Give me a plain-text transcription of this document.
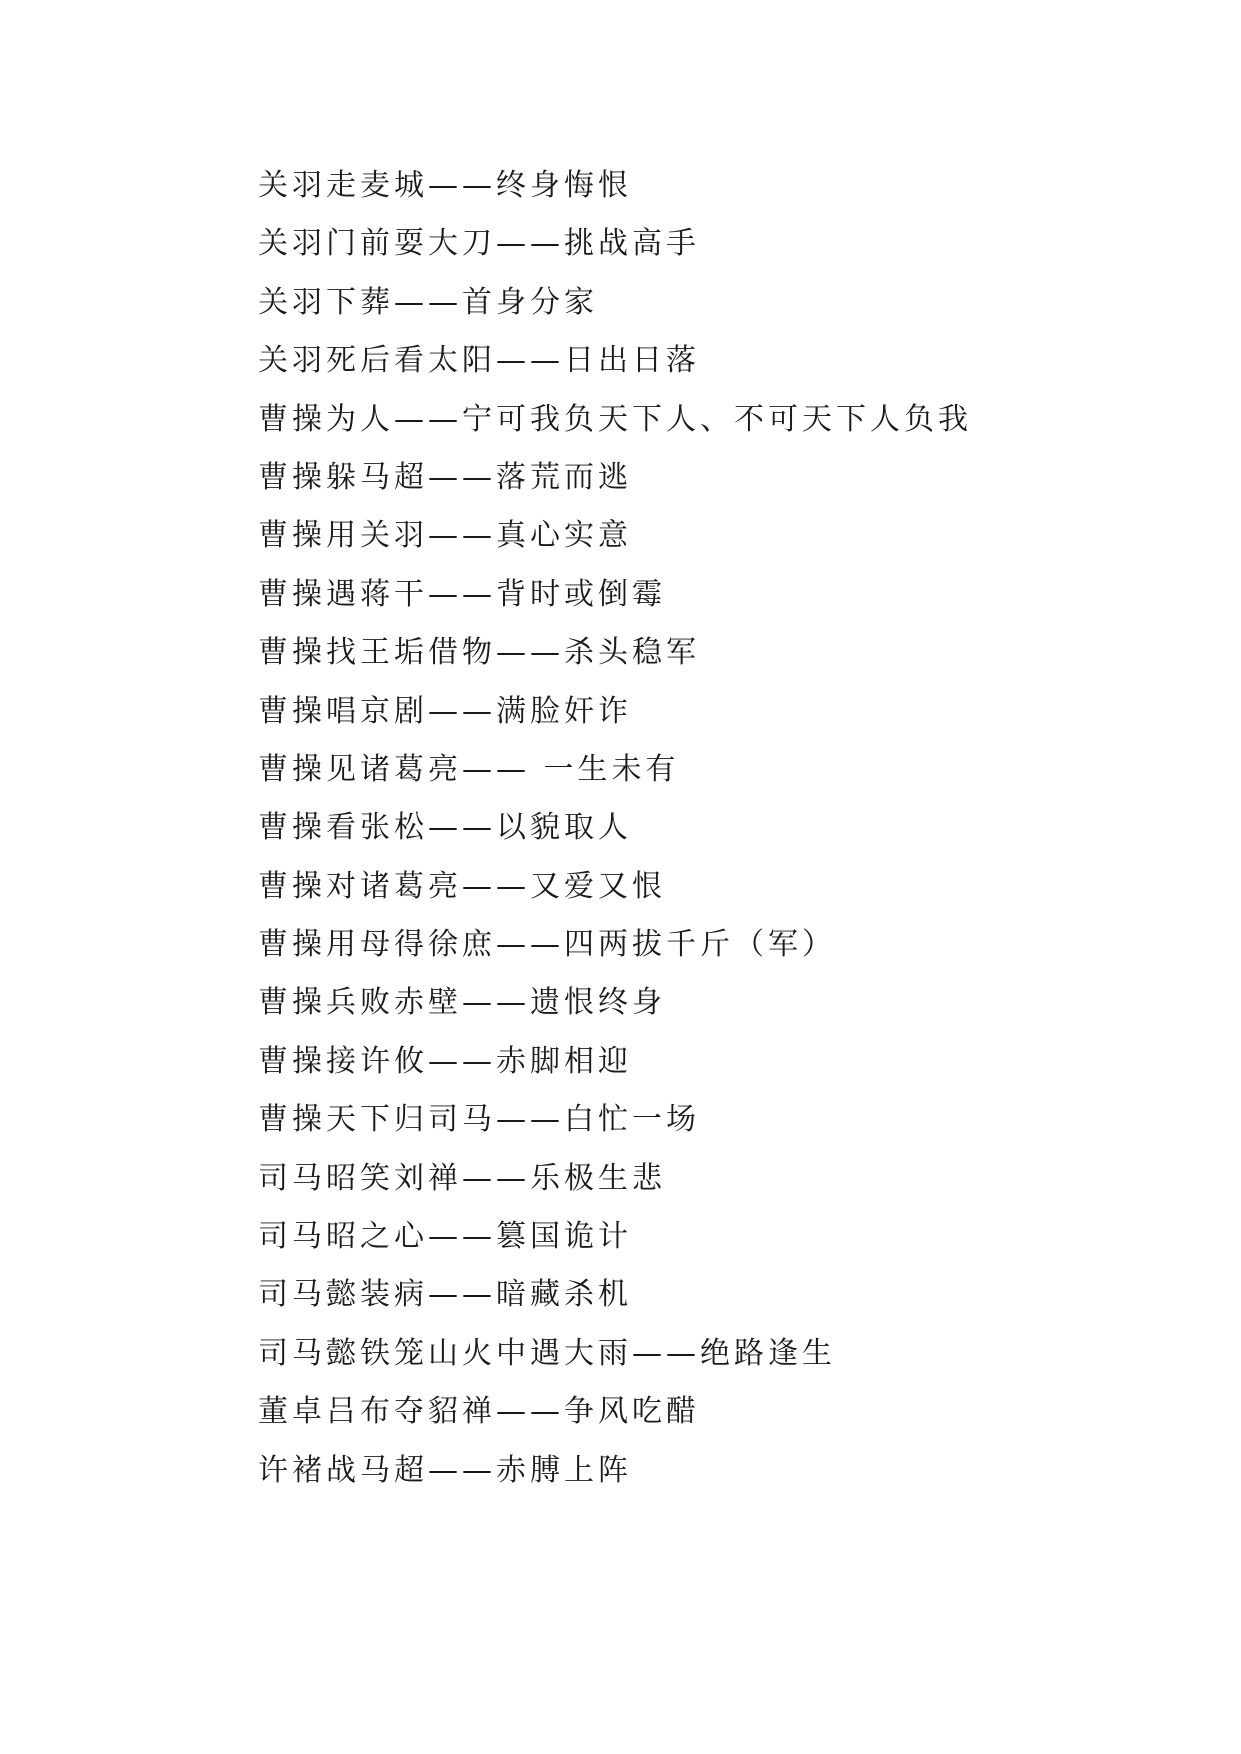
关羽走麦城——终身悔恨
关羽门前耍大刀——挑战高手
关羽下葬——首身分家
关羽死后看太阳——日出日落
曹操为人——宁可我负天下人、不可天下人负我
曹操躲马超——落荒而逃
曹操用关羽——真心实意
曹操遇蒋干——背时或倒霉
曹操找王垢借物——杀头稳军
曹操唱京剧——满脸奸诈
曹操见诸葛亮—— 一生未有
曹操看张松——以貌取人
曹操对诸葛亮——又爱又恨
曹操用母得徐庶——四两拔千斤（军）
曹操兵败赤壁——遗恨终身
曹操接许攸——赤脚相迎
曹操天下归司马——白忙一场
司马昭笑刘禅——乐极生悲
司马昭之心——篡国诡计
司马懿装病——暗藏杀机
司马懿铁笼山火中遇大雨——绝路逢生
董卓吕布夺貂禅——争风吃醋
许褚战马超——赤膊上阵
